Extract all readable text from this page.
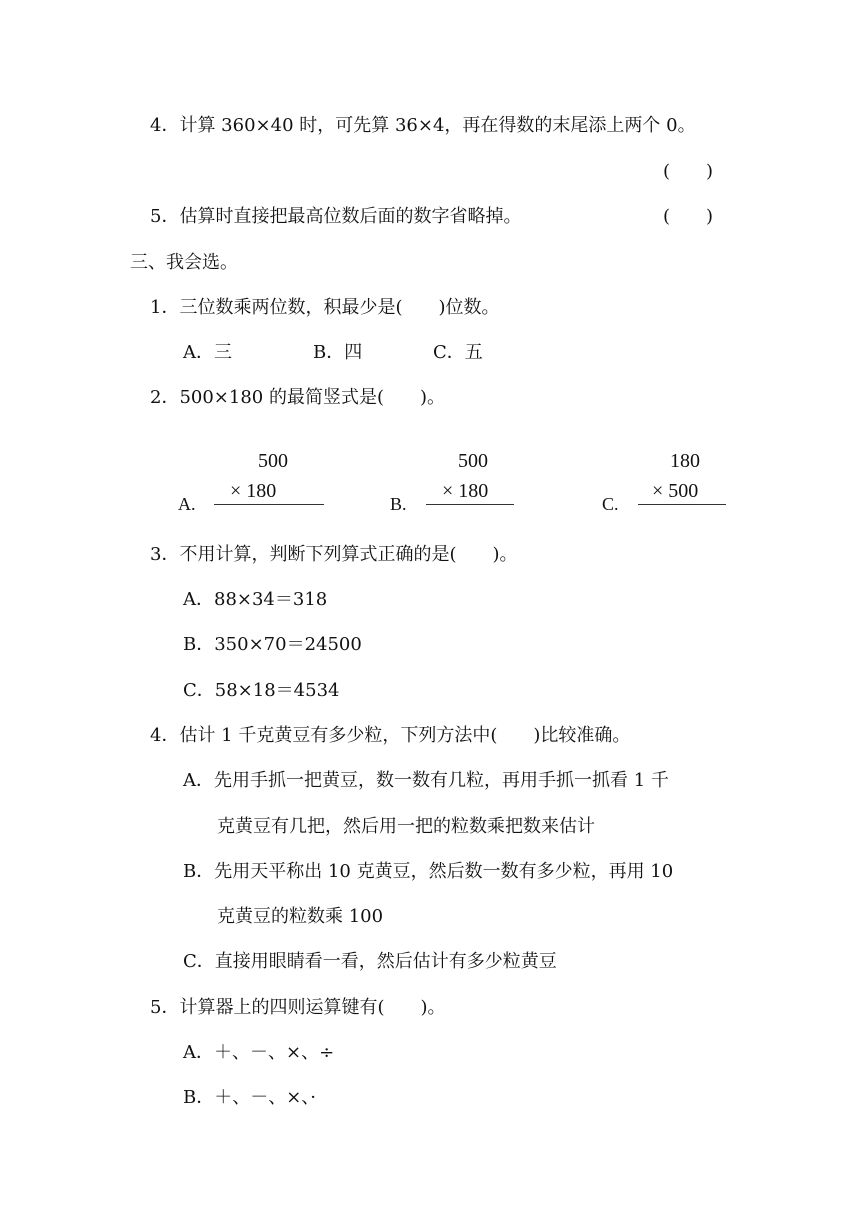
4．计算 360×40 时，可先算 36×4，再在得数的末尾添上两个 0。
(　　)
5．估算时直接把最高位数后面的数字省略掉。	(　　)
三、我会选。
1．三位数乘两位数，积最少是(　　)位数。
A．三	B．四	C．五
2．500×180 的最简竖式是(　　)。
A.
500
× 180
B.
500
× 180
C.
180
× 500
3．不用计算，判断下列算式正确的是(　　)。
A．88×34＝318
B．350×70＝24500
C．58×18＝4534
4．估计 1 千克黄豆有多少粒，下列方法中(　　)比较准确。
A．先用手抓一把黄豆，数一数有几粒，再用手抓一抓看 1 千
克黄豆有几把，然后用一把的粒数乘把数来估计
B．先用天平称出 10 克黄豆，然后数一数有多少粒，再用 10
克黄豆的粒数乘 100
C．直接用眼睛看一看，然后估计有多少粒黄豆
5．计算器上的四则运算键有(　　)。
A．＋、－、×、÷
B．＋、－、×、·
